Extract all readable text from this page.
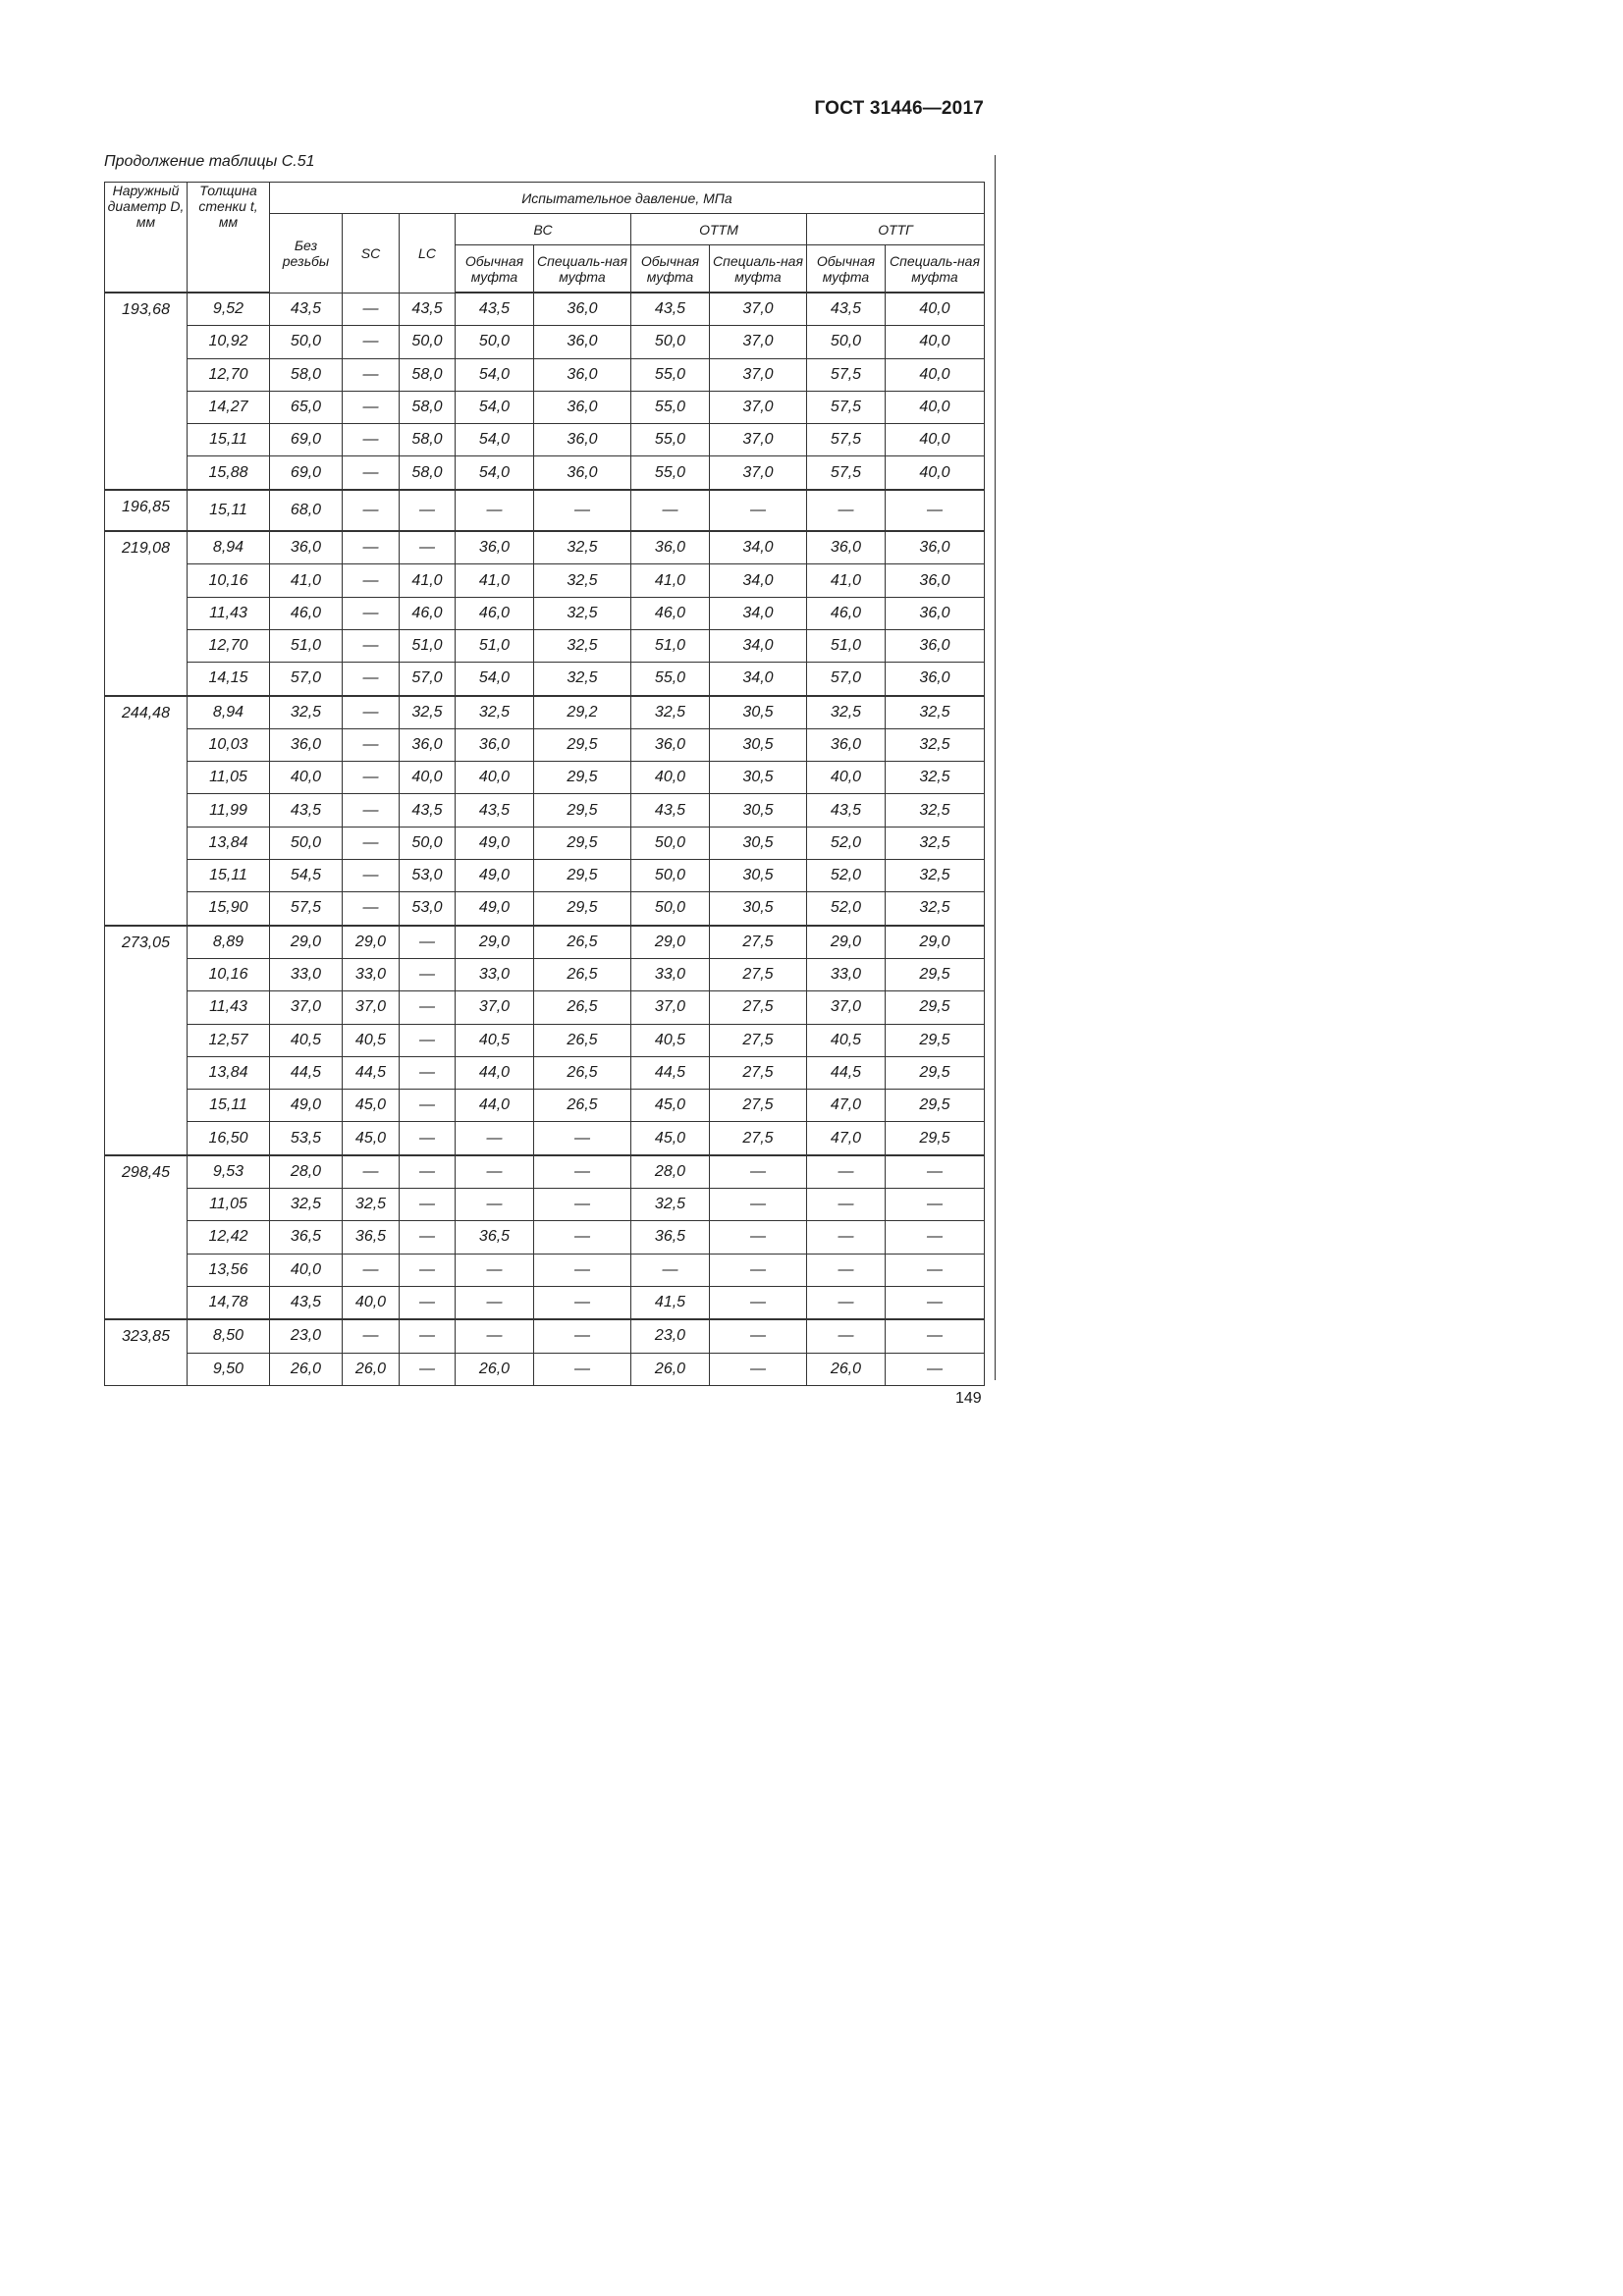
ГОСТ 31446—2017
Продолжение таблицы С.51
Наружный диаметр D, мм	Толщина стенки t, мм	Испытательное давление, МПа								
		Без резьбы	SC	LC	ВС		ОТТМ		ОТТГ	
					Обычная муфта	Специаль-ная муфта	Обычная муфта	Специаль-ная муфта	Обычная муфта	Специаль-ная муфта
193,68	9,52	43,5	—	43,5	43,5	36,0	43,5	37,0	43,5	40,0
	10,92	50,0	—	50,0	50,0	36,0	50,0	37,0	50,0	40,0
	12,70	58,0	—	58,0	54,0	36,0	55,0	37,0	57,5	40,0
	14,27	65,0	—	58,0	54,0	36,0	55,0	37,0	57,5	40,0
	15,11	69,0	—	58,0	54,0	36,0	55,0	37,0	57,5	40,0
	15,88	69,0	—	58,0	54,0	36,0	55,0	37,0	57,5	40,0
196,85	15,11	68,0	—	—	—	—	—	—	—	—
219,08	8,94	36,0	—	—	36,0	32,5	36,0	34,0	36,0	36,0
	10,16	41,0	—	41,0	41,0	32,5	41,0	34,0	41,0	36,0
	11,43	46,0	—	46,0	46,0	32,5	46,0	34,0	46,0	36,0
	12,70	51,0	—	51,0	51,0	32,5	51,0	34,0	51,0	36,0
	14,15	57,0	—	57,0	54,0	32,5	55,0	34,0	57,0	36,0
244,48	8,94	32,5	—	32,5	32,5	29,2	32,5	30,5	32,5	32,5
	10,03	36,0	—	36,0	36,0	29,5	36,0	30,5	36,0	32,5
	11,05	40,0	—	40,0	40,0	29,5	40,0	30,5	40,0	32,5
	11,99	43,5	—	43,5	43,5	29,5	43,5	30,5	43,5	32,5
	13,84	50,0	—	50,0	49,0	29,5	50,0	30,5	52,0	32,5
	15,11	54,5	—	53,0	49,0	29,5	50,0	30,5	52,0	32,5
	15,90	57,5	—	53,0	49,0	29,5	50,0	30,5	52,0	32,5
273,05	8,89	29,0	29,0	—	29,0	26,5	29,0	27,5	29,0	29,0
	10,16	33,0	33,0	—	33,0	26,5	33,0	27,5	33,0	29,5
	11,43	37,0	37,0	—	37,0	26,5	37,0	27,5	37,0	29,5
	12,57	40,5	40,5	—	40,5	26,5	40,5	27,5	40,5	29,5
	13,84	44,5	44,5	—	44,0	26,5	44,5	27,5	44,5	29,5
	15,11	49,0	45,0	—	44,0	26,5	45,0	27,5	47,0	29,5
	16,50	53,5	45,0	—	—	—	45,0	27,5	47,0	29,5
298,45	9,53	28,0	—	—	—	—	28,0	—	—	—
	11,05	32,5	32,5	—	—	—	32,5	—	—	—
	12,42	36,5	36,5	—	36,5	—	36,5	—	—	—
	13,56	40,0	—	—	—	—	—	—	—	—
	14,78	43,5	40,0	—	—	—	41,5	—	—	—
323,85	8,50	23,0	—	—	—	—	23,0	—	—	—
	9,50	26,0	26,0	—	26,0	—	26,0	—	26,0	—
149
